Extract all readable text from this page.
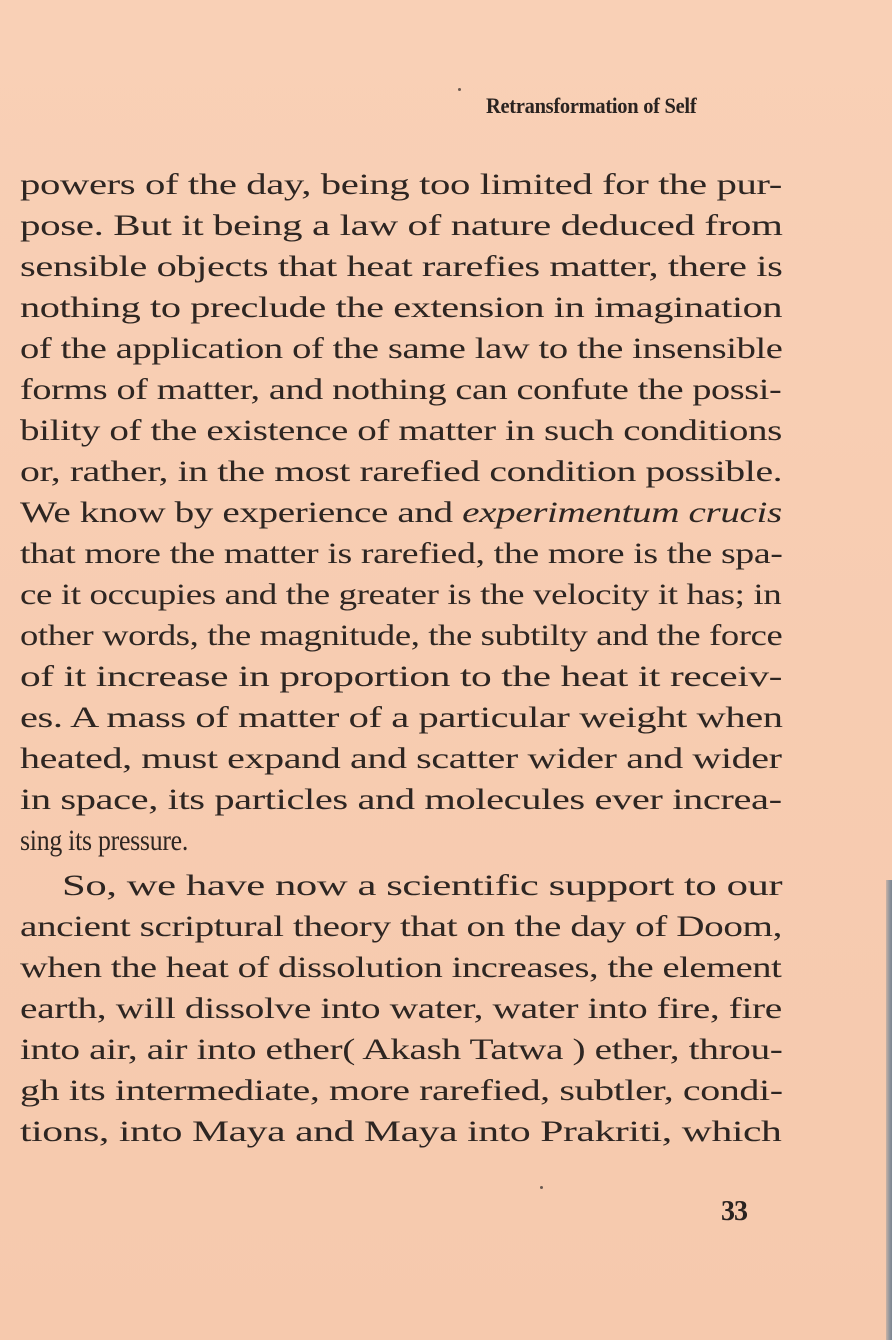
Retransformation of Self
powers of the day, being too limited for the pur-
pose. But it being a law of nature deduced from
sensible objects that heat rarefies matter, there is
nothing to preclude the extension in imagination
of the application of the same law to the insensible
forms of matter, and nothing can confute the possi-
bility of the existence of matter in such conditions
or, rather, in the most rarefied condition possible.
We know by experience and experimentum crucis
that more the matter is rarefied, the more is the spa-
ce it occupies and the greater is the velocity it has; in
other words, the magnitude, the subtilty and the force
of it increase in proportion to the heat it receiv-
es. A mass of matter of a particular weight when
heated, must expand and scatter wider and wider
in space, its particles and molecules ever increa-
sing its pressure.
So, we have now a scientific support to our
ancient scriptural theory that on the day of Doom,
when the heat of dissolution increases, the element
earth, will dissolve into water, water into fire, fire
into air, air into ether( Akash Tatwa ) ether, throu-
gh its intermediate, more rarefied, subtler, condi-
tions, into Maya and Maya into Prakriti, which
33
